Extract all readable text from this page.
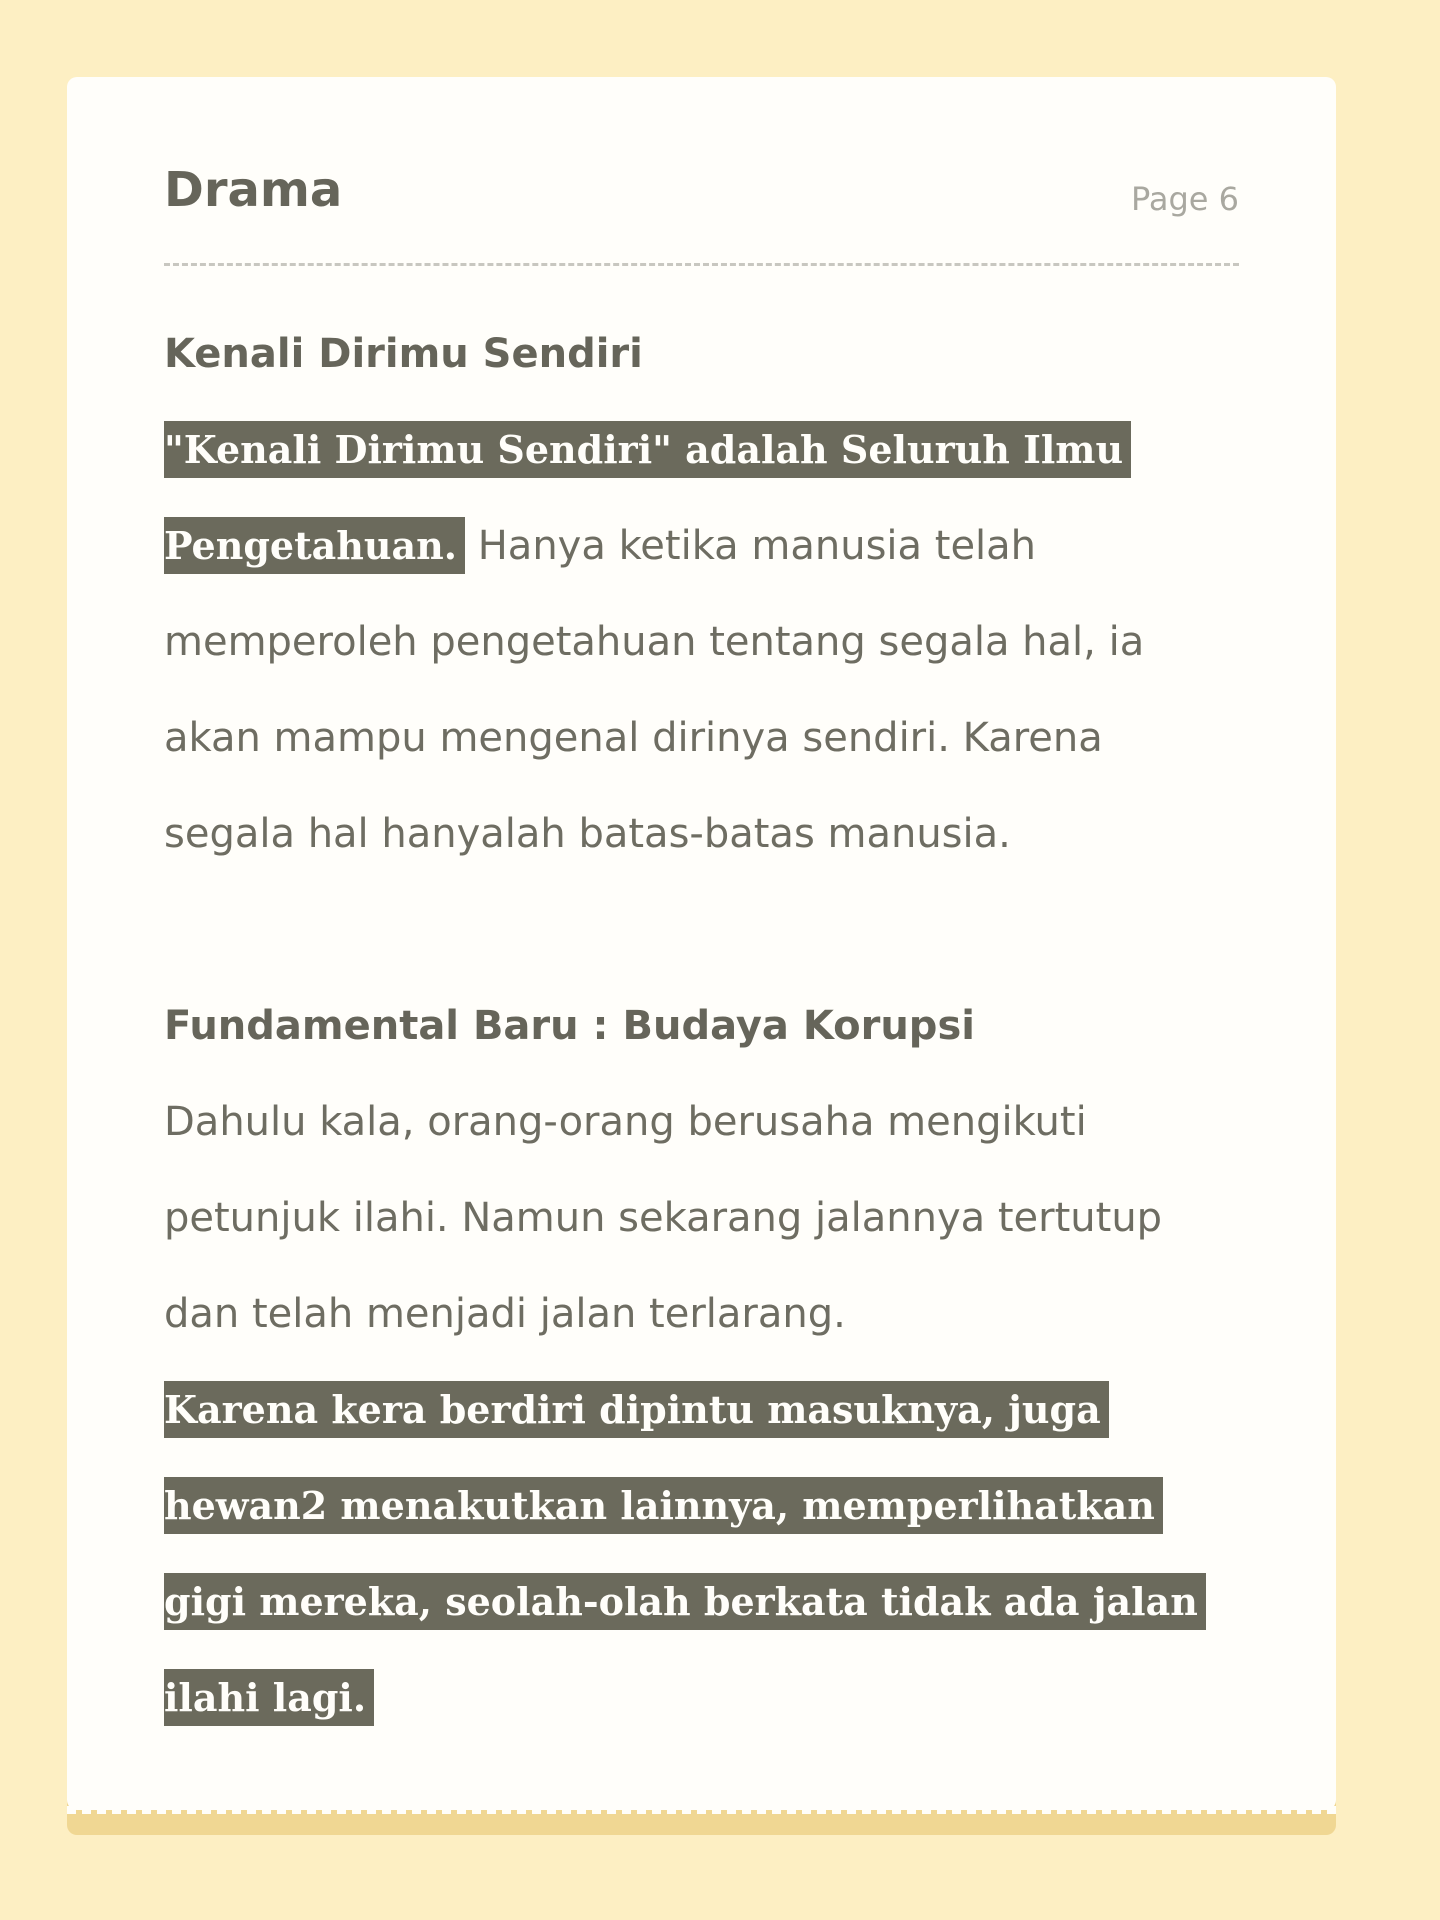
Drama	Page 6
Kenali Dirimu Sendiri

"Kenali Dirimu Sendiri" adalah Seluruh Ilmu Pengetahuan. Hanya ketika manusia telah memperoleh pengetahuan tentang segala hal, ia akan mampu mengenal dirinya sendiri. Karena segala hal hanyalah batas-batas manusia.

Fundamental Baru : Budaya Korupsi

Dahulu kala, orang-orang berusaha mengikuti petunjuk ilahi. Namun sekarang jalannya tertutup dan telah menjadi jalan terlarang.

Karena kera berdiri dipintu masuknya, juga hewan2 menakutkan lainnya, memperlihatkan gigi mereka, seolah-olah berkata tidak ada jalan ilahi lagi.
